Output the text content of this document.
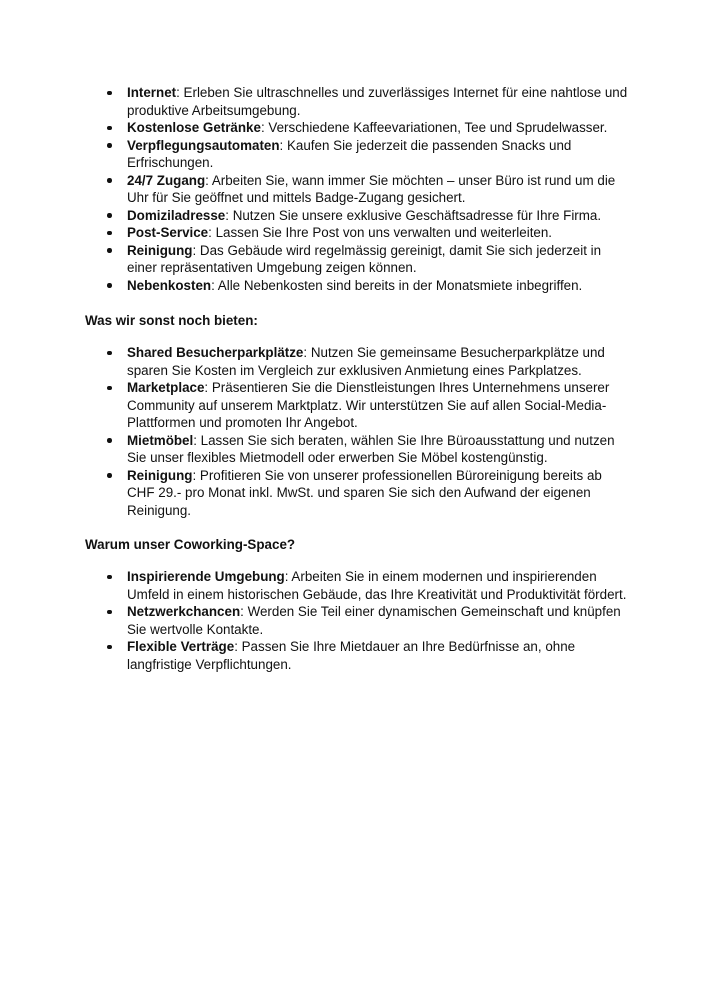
Internet: Erleben Sie ultraschnelles und zuverlässiges Internet für eine nahtlose und produktive Arbeitsumgebung.
Kostenlose Getränke: Verschiedene Kaffeevariationen, Tee und Sprudelwasser.
Verpflegungsautomaten: Kaufen Sie jederzeit die passenden Snacks und Erfrischungen.
24/7 Zugang: Arbeiten Sie, wann immer Sie möchten – unser Büro ist rund um die Uhr für Sie geöffnet und mittels Badge-Zugang gesichert.
Domiziladresse: Nutzen Sie unsere exklusive Geschäftsadresse für Ihre Firma.
Post-Service: Lassen Sie Ihre Post von uns verwalten und weiterleiten.
Reinigung: Das Gebäude wird regelmässig gereinigt, damit Sie sich jederzeit in einer repräsentativen Umgebung zeigen können.
Nebenkosten: Alle Nebenkosten sind bereits in der Monatsmiete inbegriffen.

Was wir sonst noch bieten:

Shared Besucherparkplätze: Nutzen Sie gemeinsame Besucherparkplätze und sparen Sie Kosten im Vergleich zur exklusiven Anmietung eines Parkplatzes.
Marketplace: Präsentieren Sie die Dienstleistungen Ihres Unternehmens unserer Community auf unserem Marktplatz. Wir unterstützen Sie auf allen Social-Media-Plattformen und promoten Ihr Angebot.
Mietmöbel: Lassen Sie sich beraten, wählen Sie Ihre Büroausstattung und nutzen Sie unser flexibles Mietmodell oder erwerben Sie Möbel kostengünstig.
Reinigung: Profitieren Sie von unserer professionellen Büroreinigung bereits ab CHF 29.- pro Monat inkl. MwSt. und sparen Sie sich den Aufwand der eigenen Reinigung.

Warum unser Coworking-Space?

Inspirierende Umgebung: Arbeiten Sie in einem modernen und inspirierenden Umfeld in einem historischen Gebäude, das Ihre Kreativität und Produktivität fördert.
Netzwerkchancen: Werden Sie Teil einer dynamischen Gemeinschaft und knüpfen Sie wertvolle Kontakte.
Flexible Verträge: Passen Sie Ihre Mietdauer an Ihre Bedürfnisse an, ohne langfristige Verpflichtungen.
